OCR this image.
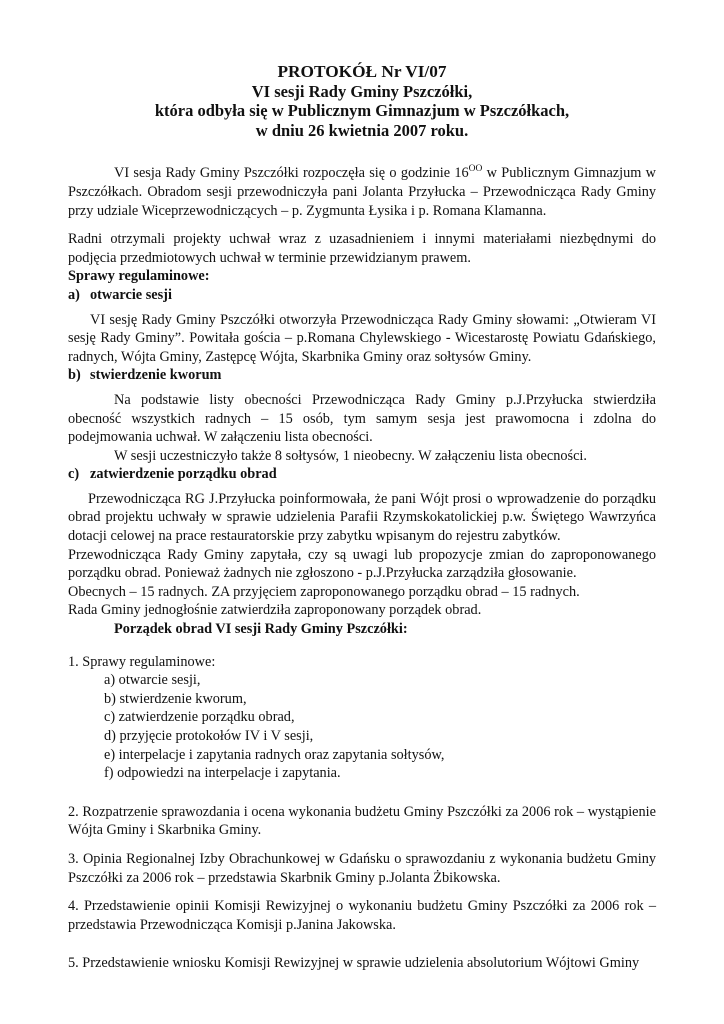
PROTOKÓŁ Nr VI/07

VI sesji Rady Gminy Pszczółki,

która odbyła się w Publicznym Gimnazjum w Pszczółkach,

w dniu 26 kwietnia 2007 roku.

VI sesja Rady Gminy Pszczółki rozpoczęła się o godzinie $16^{OO}$ w Publicznym Gimnazjum w Pszczółkach. Obradom sesji przewodniczyła pani Jolanta Przyłucka – Przewodnicząca Rady Gminy przy udziale Wiceprzewodniczących – p. Zygmunta Łysika i p. Romana Klamanna.

Radni otrzymali projekty uchwał wraz z uzasadnieniem i innymi materiałami niezbędnymi do podjęcia przedmiotowych uchwał w terminie przewidzianym prawem.

Sprawy regulaminowe:

a) otwarcie sesji

VI sesję Rady Gminy Pszczółki otworzyła Przewodnicząca Rady Gminy słowami: „Otwieram VI sesję Rady Gminy”. Powitała gościa – p.Romana Chylewskiego - Wicestarostę Powiatu Gdańskiego, radnych, Wójta Gminy, Zastępcę Wójta, Skarbnika Gminy oraz sołtysów Gminy.

b) stwierdzenie kworum

Na podstawie listy obecności Przewodnicząca Rady Gminy p.J.Przyłucka stwierdziła obecność wszystkich radnych – 15 osób, tym samym sesja jest prawomocna i zdolna do podejmowania uchwał. W załączeniu lista obecności.

W sesji uczestniczyło także 8 sołtysów, 1 nieobecny. W załączeniu lista obecności.

c) zatwierdzenie porządku obrad

Przewodnicząca RG J.Przyłucka poinformowała, że pani Wójt prosi o wprowadzenie do porządku obrad projektu uchwały w sprawie udzielenia Parafii Rzymskokatolickiej p.w. Świętego Wawrzyńca dotacji celowej na prace restauratorskie przy zabytku wpisanym do rejestru zabytków.

Przewodnicząca Rady Gminy zapytała, czy są uwagi lub propozycje zmian do zaproponowanego porządku obrad. Ponieważ żadnych nie zgłoszono - p.J.Przyłucka zarządziła głosowanie.

Obecnych – 15 radnych. ZA przyjęciem zaproponowanego porządku obrad – 15 radnych.

Rada Gminy jednogłośnie zatwierdziła zaproponowany porządek obrad.

Porządek obrad VI sesji Rady Gminy Pszczółki:

1. Sprawy regulaminowe:

a) otwarcie sesji,
b) stwierdzenie kworum,
c) zatwierdzenie porządku obrad,
d) przyjęcie protokołów IV i V sesji,
e) interpelacje i zapytania radnych oraz zapytania sołtysów,
f) odpowiedzi na interpelacje i zapytania.

2. Rozpatrzenie sprawozdania i ocena wykonania budżetu Gminy Pszczółki za 2006 rok – wystąpienie Wójta Gminy i Skarbnika Gminy.

3. Opinia Regionalnej Izby Obrachunkowej w Gdańsku o sprawozdaniu z wykonania budżetu Gminy Pszczółki za 2006 rok – przedstawia Skarbnik Gminy p.Jolanta Żbikowska.

4. Przedstawienie opinii Komisji Rewizyjnej o wykonaniu budżetu Gminy Pszczółki za 2006 rok – przedstawia Przewodnicząca Komisji p.Janina Jakowska.

5. Przedstawienie wniosku Komisji Rewizyjnej w sprawie udzielenia absolutorium Wójtowi Gminy
